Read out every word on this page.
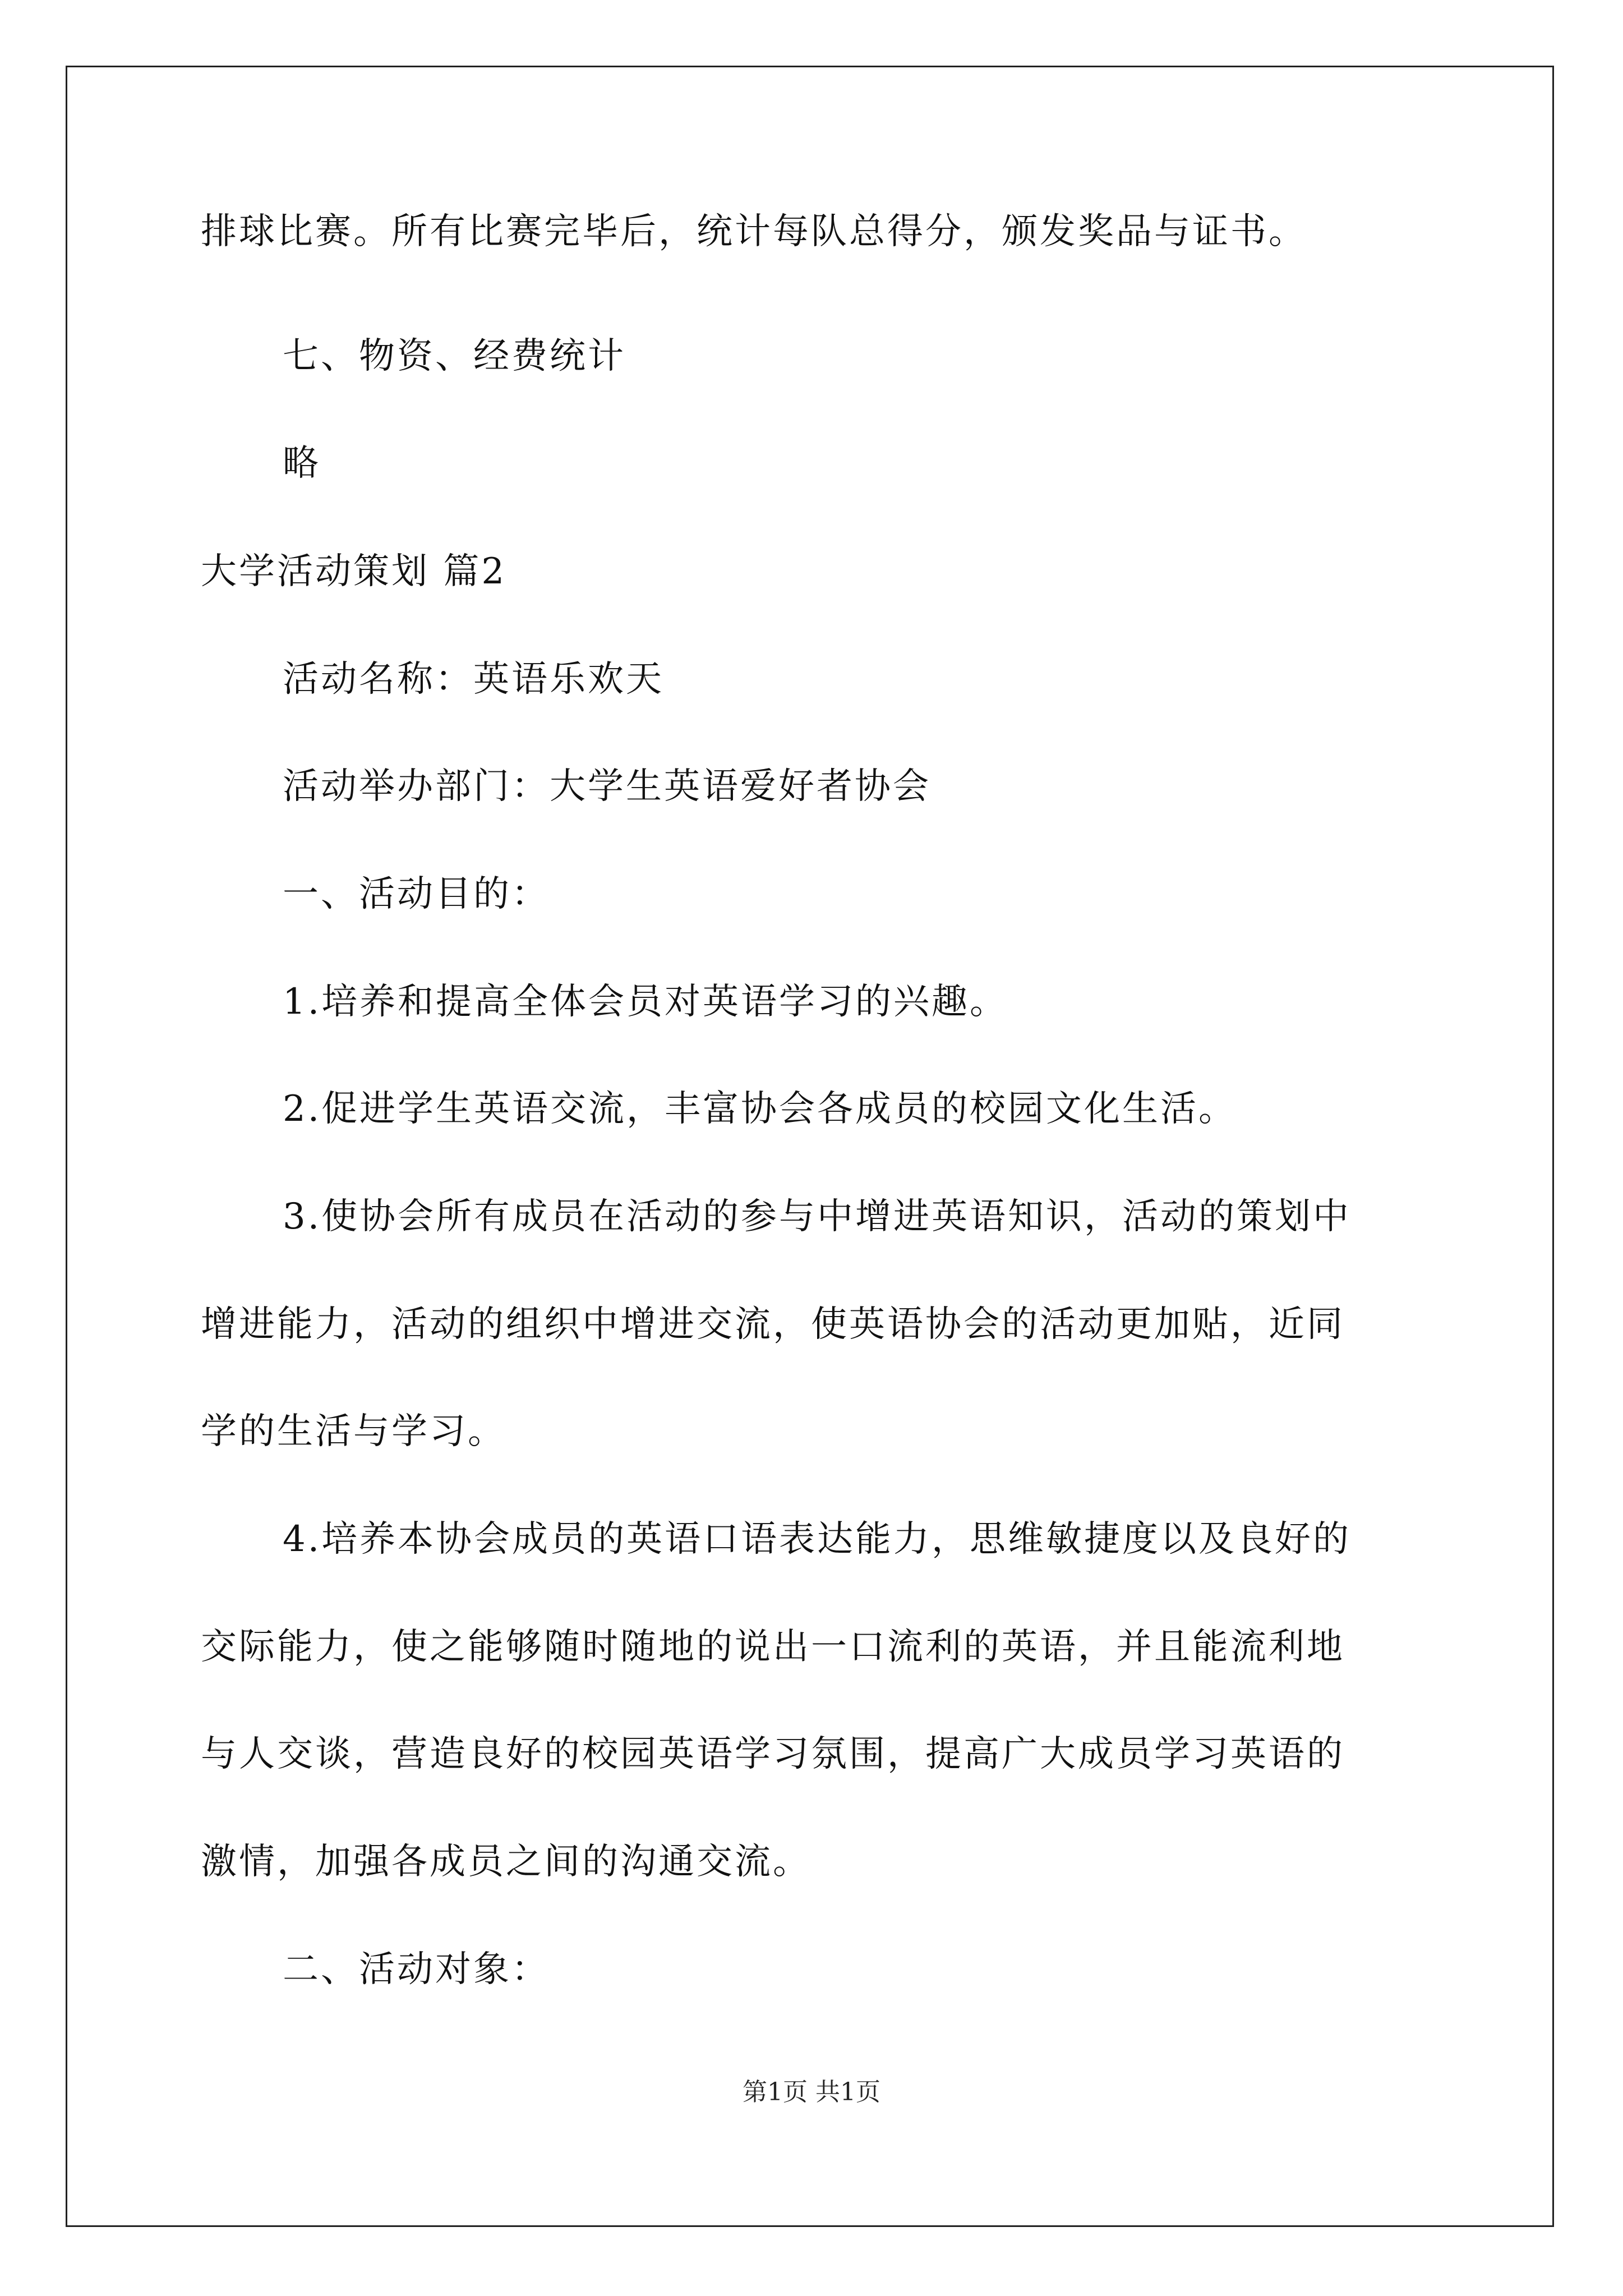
排球比赛。所有比赛完毕后，统计每队总得分，颁发奖品与证书。
七、物资、经费统计
略
大学活动策划 篇2
活动名称：英语乐欢天
活动举办部门：大学生英语爱好者协会
一、活动目的：
1.培养和提高全体会员对英语学习的兴趣。
2.促进学生英语交流，丰富协会各成员的校园文化生活。
3.使协会所有成员在活动的参与中增进英语知识，活动的策划中
增进能力，活动的组织中增进交流，使英语协会的活动更加贴，近同
学的生活与学习。
4.培养本协会成员的英语口语表达能力，思维敏捷度以及良好的
交际能力，使之能够随时随地的说出一口流利的英语，并且能流利地
与人交谈，营造良好的校园英语学习氛围，提高广大成员学习英语的
激情，加强各成员之间的沟通交流。
二、活动对象：
第1页 共1页
